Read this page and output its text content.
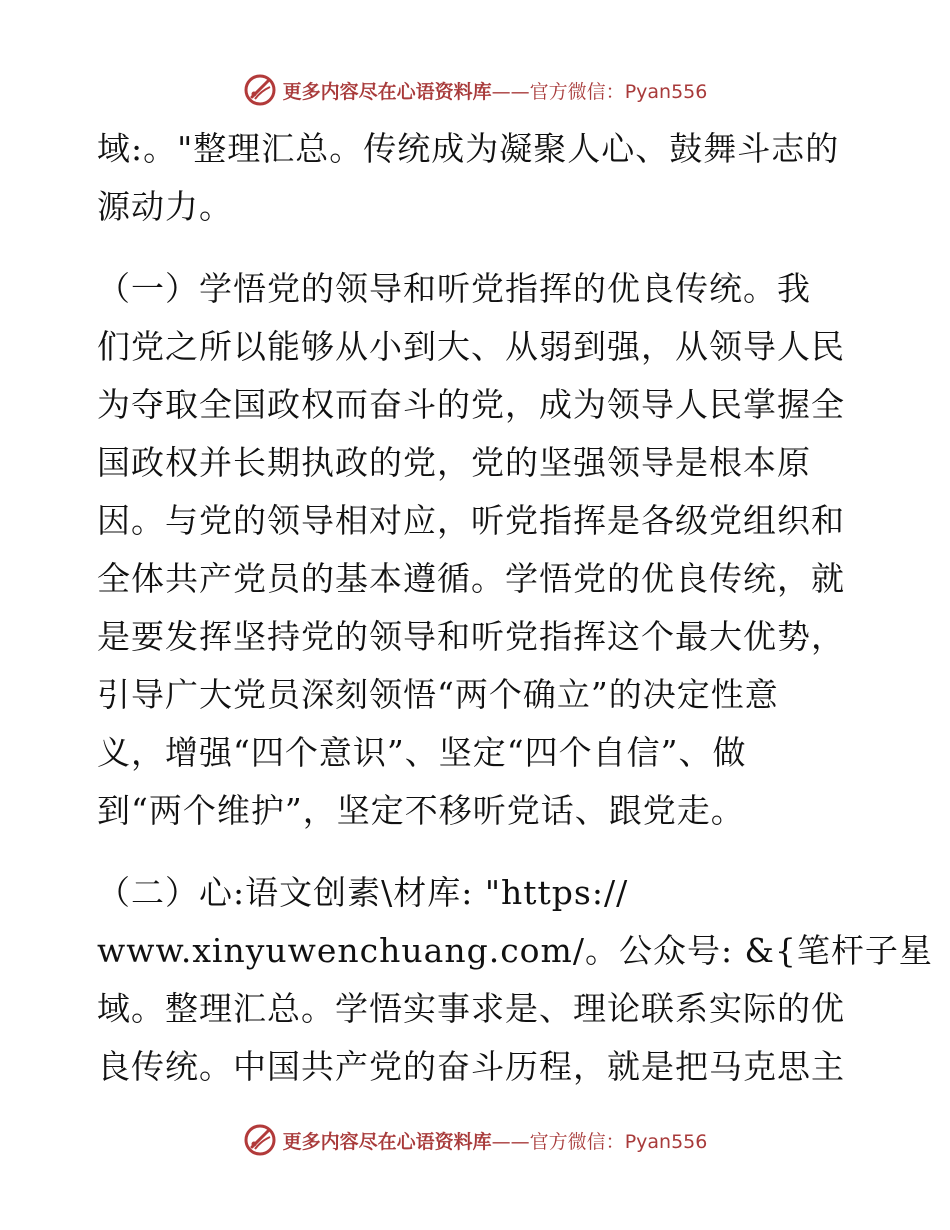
更多内容尽在心语资料库——官方微信：Pyan556

域:。"整理汇总。传统成为凝聚人心、鼓舞斗志的
源动力。

（一）学悟党的领导和听党指挥的优良传统。我
们党之所以能够从小到大、从弱到强，从领导人民
为夺取全国政权而奋斗的党，成为领导人民掌握全
国政权并长期执政的党，党的坚强领导是根本原
因。与党的领导相对应，听党指挥是各级党组织和
全体共产党员的基本遵循。学悟党的优良传统，就
是要发挥坚持党的领导和听党指挥这个最大优势，
引导广大党员深刻领悟“两个确立”的决定性意
义，增强“四个意识”、坚定“四个自信”、做
到“两个维护”，坚定不移听党话、跟党走。

（二）心:语文创素\材库: "https://
www.xinyuwenchuang.com/。公众号: &{笔杆子星
域。整理汇总。学悟实事求是、理论联系实际的优
良传统。中国共产党的奋斗历程，就是把马克思主

更多内容尽在心语资料库——官方微信：Pyan556
